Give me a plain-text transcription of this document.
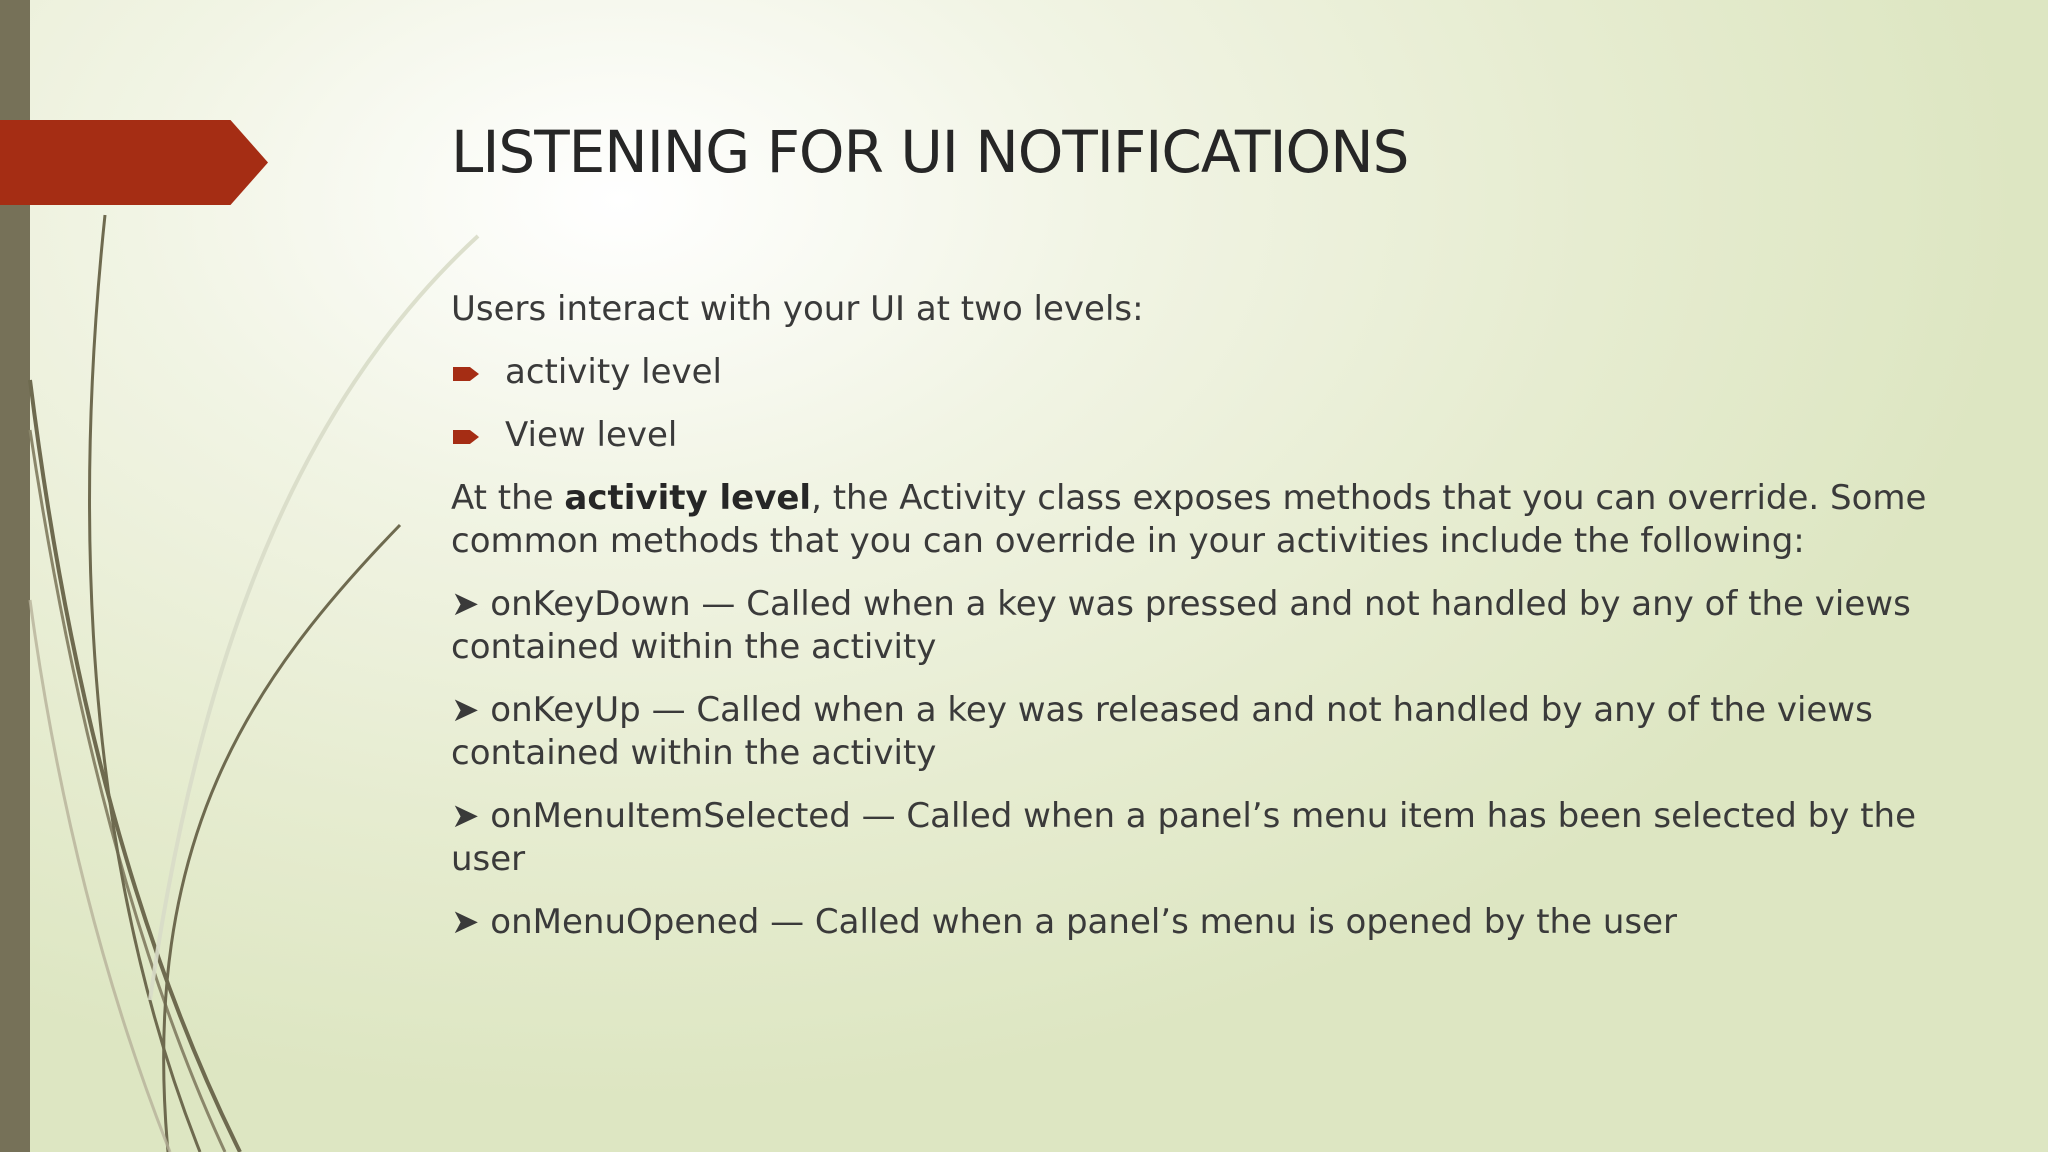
LISTENING FOR UI NOTIFICATIONS

Users interact with your UI at two levels:

activity level

View level

At the activity level, the Activity class exposes methods that you can override. Some common methods that you can override in your activities include the following:

➤ onKeyDown — Called when a key was pressed and not handled by any of the views contained within the activity

➤ onKeyUp — Called when a key was released and not handled by any of the views contained within the activity

➤ onMenuItemSelected — Called when a panel’s menu item has been selected by the user

➤ onMenuOpened — Called when a panel’s menu is opened by the user
